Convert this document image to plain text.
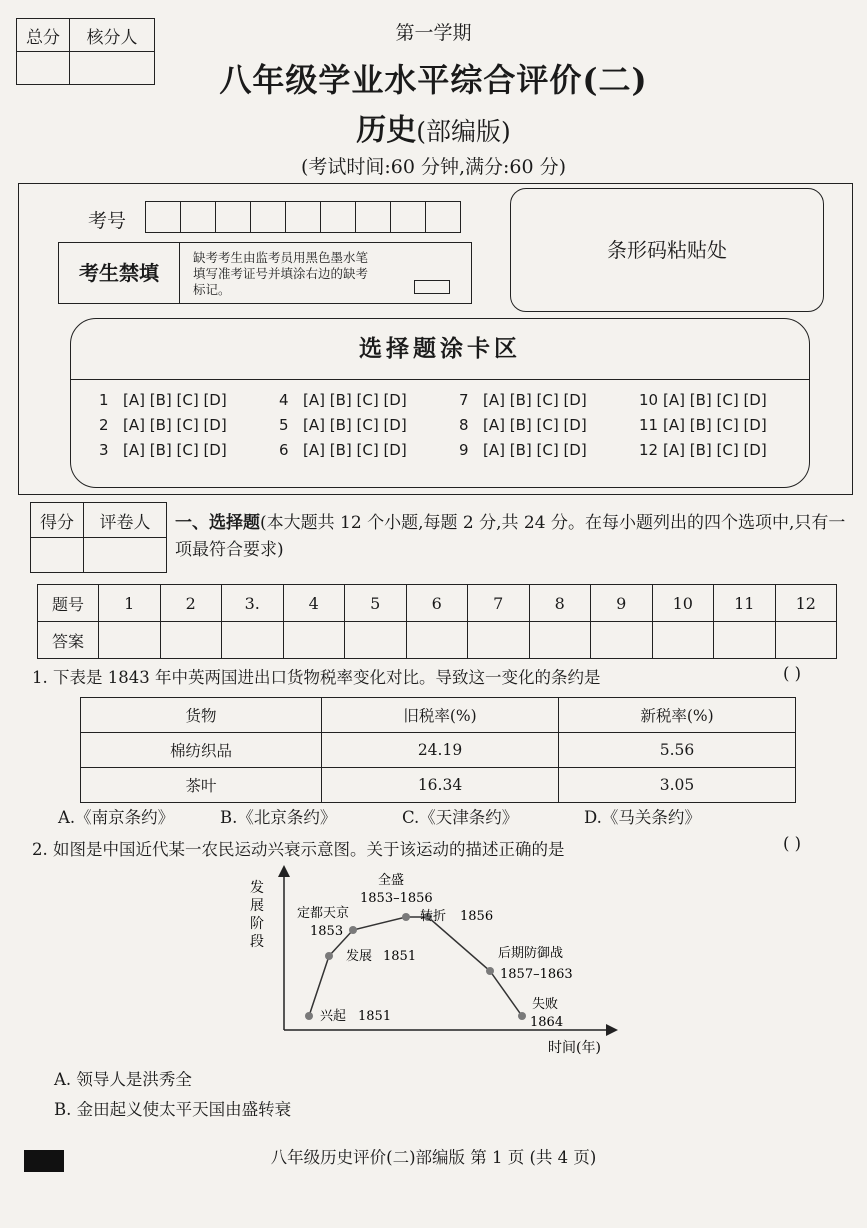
总分	核分人
		第一学期
八年级学业水平综合评价(二)
历史(部编版)
(考试时间:60 分钟,满分:60 分)
考号

考生禁填
缺考考生由监考员用黑色墨水笔填写准考证号并填涂右边的缺考标记。
条形码粘贴处
选择题涂卡区
1 [A] [B] [C] [D]
2 [A] [B] [C] [D]
3 [A] [B] [C] [D]
4 [A] [B] [C] [D]
5 [A] [B] [C] [D]
6 [A] [B] [C] [D]
7 [A] [B] [C] [D]
8 [A] [B] [C] [D]
9 [A] [B] [C] [D]
10 [A] [B] [C] [D]
11 [A] [B] [C] [D]
12 [A] [B] [C] [D]
得分	评卷人
	一、选择题(本大题共 12 个小题,每题 2 分,共 24 分。在每小题列出的四个选项中,只有一项最符合要求)
题号	1	2	3.	4	5	6	7	8	9	10	11	12
答案												
1. 下表是 1843 年中英两国进出口货物税率变化对比。导致这一变化的条约是	( )
货物	旧税率(%)	新税率(%)
棉纺织品	24.19	5.56
茶叶	16.34	3.05
A.《南京条约》	B.《北京条约》	C.《天津条约》	D.《马关条约》
2. 如图是中国近代某一农民运动兴衰示意图。关于该运动的描述正确的是	( )
兴起 1851
发展 1851
定都天京
1853
全盛
1853–1856
转折 1856
后期防御战
1857–1863
失败
1864
发展阶段
时间(年)
A. 领导人是洪秀全
B. 金田起义使太平天国由盛转衰
八年级历史评价(二)部编版 第 1 页 (共 4 页)
